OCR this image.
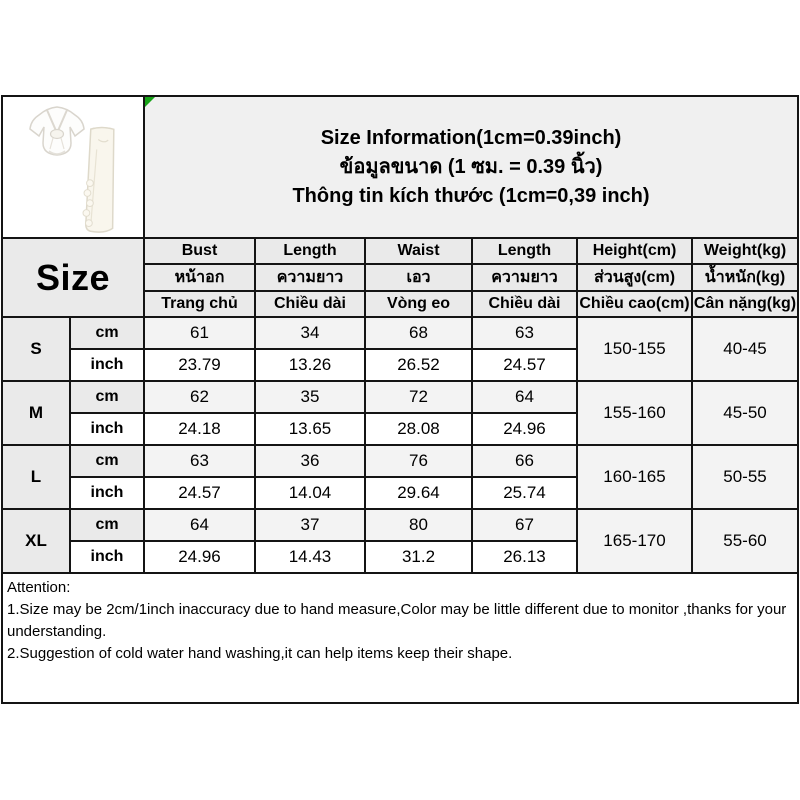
Size Information(1cm=0.39inch)
ข้อมูลขนาด (1 ซม. = 0.39 นิ้ว)
Thông tin kích thước (1cm=0,39 inch)					

Size		Bust	Length	Waist	Length	Height(cm)	Weight(kg)
		หน้าอก	ความยาว	เอว	ความยาว	ส่วนสูง(cm)	น้ำหนัก(kg)
		Trang chủ	Chiều dài	Vòng eo	Chiều dài	Chiều cao(cm)	Cân nặng(kg)
S	cm	61	34	68	63	150-155	40-45
	inch	23.79	13.26	26.52	24.57		
M	cm	62	35	72	64	155-160	45-50
	inch	24.18	13.65	28.08	24.96		
L	cm	63	36	76	66	160-165	50-55
	inch	24.57	14.04	29.64	25.74		
XL	cm	64	37	80	67	165-170	55-60
	inch	24.96	14.43	31.2	26.13		

Attention:
1.Size may be 2cm/1inch inaccuracy due to hand measure,Color may be little different due to monitor ,thanks for your understanding.
2.Suggestion of cold water hand washing,it can help items keep their shape.							
